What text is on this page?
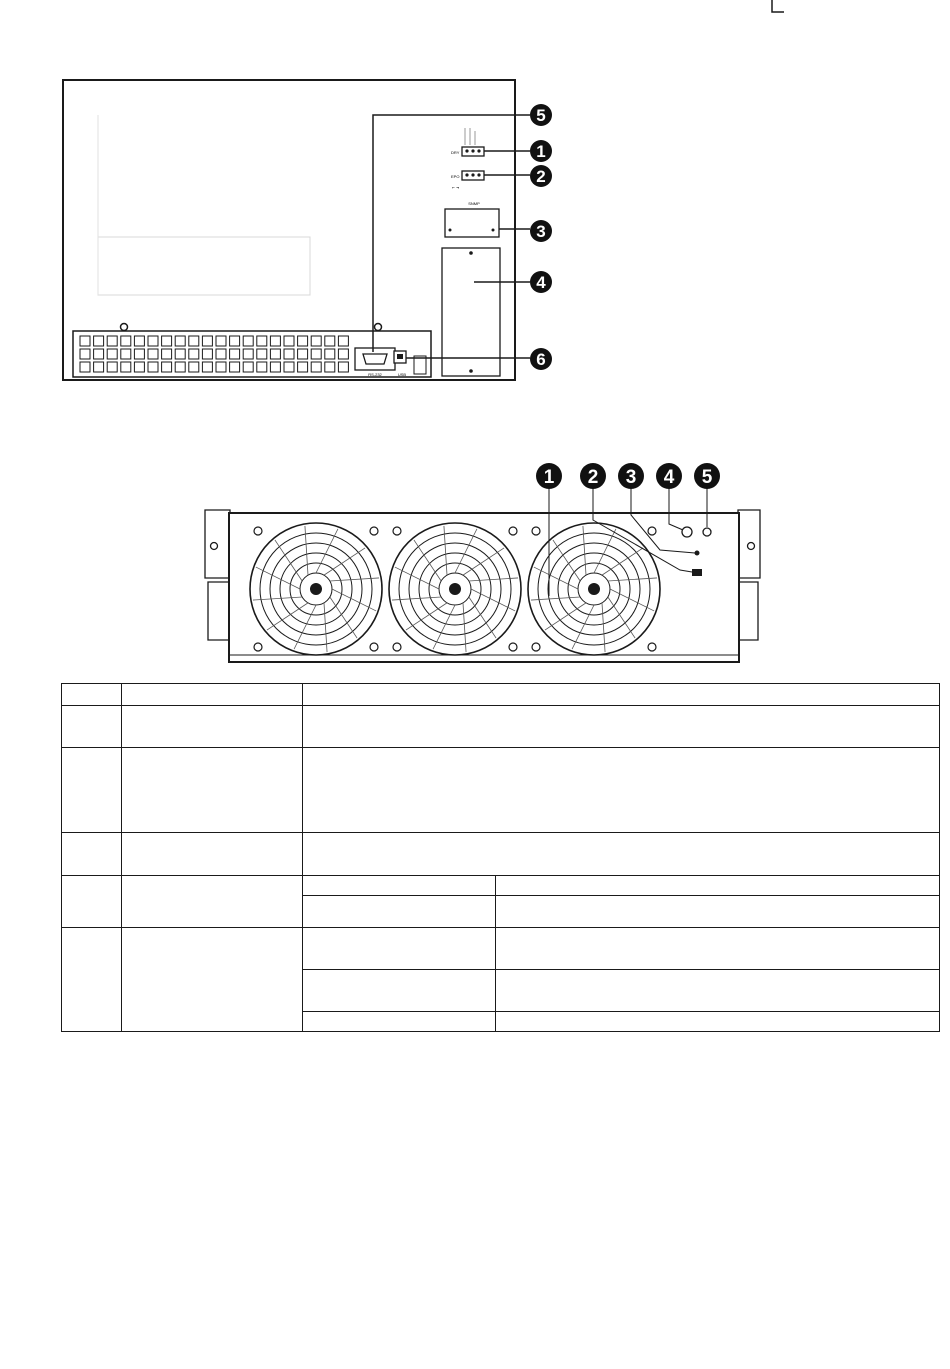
RS-232	USB
DRY
EPO
⌐ ¬
SNMP
5
1
2
3
4
6
1 2 3 4 5
